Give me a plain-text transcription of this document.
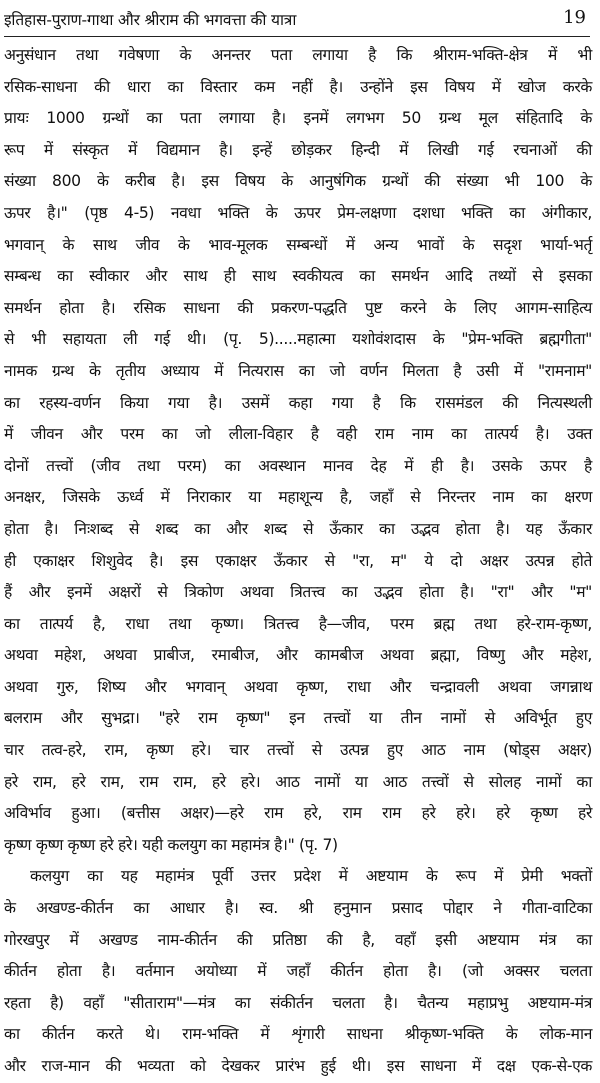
इतिहास-पुराण-गाथा और श्रीराम की भगवत्ता की यात्रा	19
अनुसंधान तथा गवेषणा के अनन्तर पता लगाया है कि श्रीराम-भक्ति-क्षेत्र में भी
रसिक-साधना की धारा का विस्तार कम नहीं है। उन्होंने इस विषय में खोज करके
प्रायः 1000 ग्रन्थों का पता लगाया है। इनमें लगभग 50 ग्रन्थ मूल संहितादि के
रूप में संस्कृत में विद्यमान है। इन्हें छोड़कर हिन्दी में लिखी गई रचनाओं की
संख्या 800 के करीब है। इस विषय के आनुषंगिक ग्रन्थों की संख्या भी 100 के
ऊपर है।" (पृष्ठ 4-5) नवधा भक्ति के ऊपर प्रेम-लक्षणा दशधा भक्ति का अंगीकार,
भगवान् के साथ जीव के भाव-मूलक सम्बन्धों में अन्य भावों के सदृश भार्या-भर्तृ
सम्बन्ध का स्वीकार और साथ ही साथ स्वकीयत्व का समर्थन आदि तथ्यों से इसका
समर्थन होता है। रसिक साधना की प्रकरण-पद्धति पुष्ट करने के लिए आगम-साहित्य
से भी सहायता ली गई थी। (पृ. 5).....महात्मा यशोवंशदास के "प्रेम-भक्ति ब्रह्मगीता"
नामक ग्रन्थ के तृतीय अध्याय में नित्यरास का जो वर्णन मिलता है उसी में "रामनाम"
का रहस्य-वर्णन किया गया है। उसमें कहा गया है कि रासमंडल की नित्यस्थली
में जीवन और परम का जो लीला-विहार है वही राम नाम का तात्पर्य है। उक्त
दोनों तत्त्वों (जीव तथा परम) का अवस्थान मानव देह में ही है। उसके ऊपर है
अनक्षर, जिसके ऊर्ध्व में निराकार या महाशून्य है, जहाँ से निरन्तर नाम का क्षरण
होता है। निःशब्द से शब्द का और शब्द से ऊँकार का उद्भव होता है। यह ऊँकार
ही एकाक्षर शिशुवेद है। इस एकाक्षर ऊँकार से "रा, म" ये दो अक्षर उत्पन्न होते
हैं और इनमें अक्षरों से त्रिकोण अथवा त्रितत्त्व का उद्भव होता है। "रा" और "म"
का तात्पर्य है, राधा तथा कृष्ण। त्रितत्त्व है—जीव, परम ब्रह्म तथा हरे-राम-कृष्ण,
अथवा महेश, अथवा प्राबीज, रमाबीज, और कामबीज अथवा ब्रह्मा, विष्णु और महेश,
अथवा गुरु, शिष्य और भगवान् अथवा कृष्ण, राधा और चन्द्रावली अथवा जगन्नाथ
बलराम और सुभद्रा। "हरे राम कृष्ण" इन तत्त्वों या तीन नामों से अविर्भूत हुए
चार तत्व-हरे, राम, कृष्ण हरे। चार तत्त्वों से उत्पन्न हुए आठ नाम (षोड्स अक्षर)
हरे राम, हरे राम, राम राम, हरे हरे। आठ नामों या आठ तत्त्वों से सोलह नामों का
अविर्भाव हुआ। (बत्तीस अक्षर)—हरे राम हरे, राम राम हरे हरे। हरे कृष्ण हरे
कृष्ण कृष्ण कृष्ण हरे हरे। यही कलयुग का महामंत्र है।" (पृ. 7)
कलयुग का यह महामंत्र पूर्वी उत्तर प्रदेश में अष्टयाम के रूप में प्रेमी भक्तों
के अखण्ड-कीर्तन का आधार है। स्व. श्री हनुमान प्रसाद पोद्दार ने गीता-वाटिका
गोरखपुर में अखण्ड नाम-कीर्तन की प्रतिष्ठा की है, वहाँ इसी अष्टयाम मंत्र का
कीर्तन होता है। वर्तमान अयोध्या में जहाँ कीर्तन होता है। (जो अक्सर चलता
रहता है) वहाँ "सीताराम"—मंत्र का संकीर्तन चलता है। चैतन्य महाप्रभु अष्टयाम-मंत्र
का कीर्तन करते थे। राम-भक्ति में शृंगारी साधना श्रीकृष्ण-भक्ति के लोक-मान
और राज-मान की भव्यता को देखकर प्रारंभ हुई थी। इस साधना में दक्ष एक-से-एक
